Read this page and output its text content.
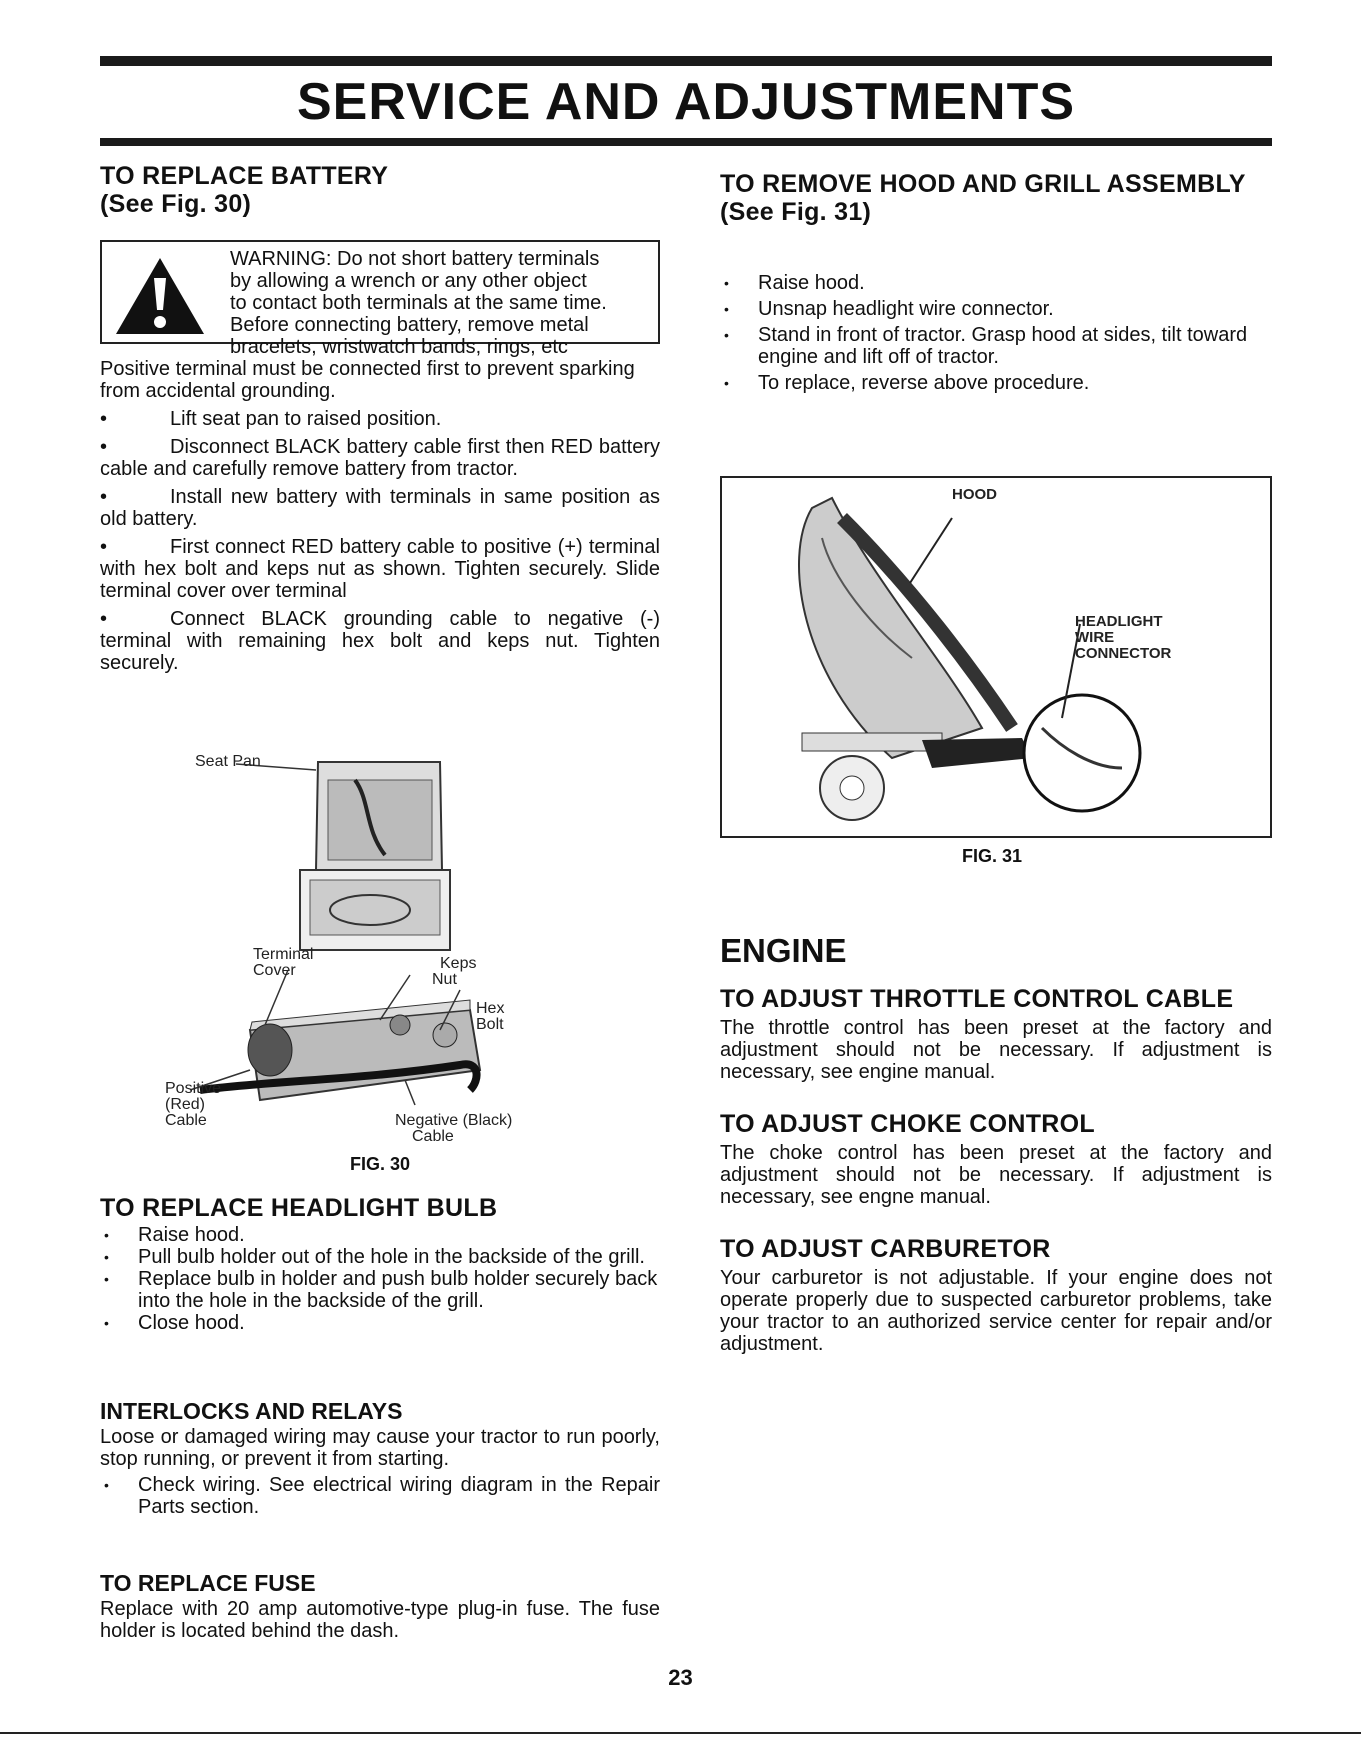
SERVICE AND ADJUSTMENTS
TO REPLACE BATTERY
(See Fig. 30)
WARNING: Do not short battery terminals
by allowing a wrench or any other object
to contact both terminals at the same time.
Before connecting battery, remove metal
bracelets, wristwatch bands, rings, etc

Positive terminal must be connected first to prevent sparking from accidental grounding.

•	Lift seat pan to raised position.

•	Disconnect BLACK battery cable first then RED battery cable and carefully remove battery from tractor.

•	Install new battery with terminals in same position as old battery.

•	First connect RED battery cable to positive (+) terminal with hex bolt and keps nut as shown. Tighten securely. Slide terminal cover over terminal

•	Connect BLACK grounding cable to negative (-) terminal with remaining hex bolt and keps nut. Tighten securely.

Seat Pan
Terminal
Cover	Keps
Nut
Hex
Bolt
Positive
(Red)
Cable	Negative (Black)
Cable
FIG. 30
TO REPLACE HEADLIGHT BULB
• Raise hood.
• Pull bulb holder out of the hole in the backside of the grill.
• Replace bulb in holder and push bulb holder securely back into the hole in the backside of the grill.
• Close hood.
INTERLOCKS AND RELAYS

Loose or damaged wiring may cause your tractor to run poorly, stop running, or prevent it from starting.

• Check wiring. See electrical wiring diagram in the Repair Parts section.
TO REPLACE FUSE

Replace with 20 amp automotive-type plug-in fuse. The fuse holder is located behind the dash.

TO REMOVE HOOD AND GRILL ASSEMBLY
(See Fig. 31)
• Raise hood.
• Unsnap headlight wire connector.
• Stand in front of tractor. Grasp hood at sides, tilt toward engine and lift off of tractor.
• To replace, reverse above procedure.
HOOD
HEADLIGHT
WIRE
CONNECTOR
FIG. 31
ENGINE
TO ADJUST THROTTLE CONTROL CABLE

The throttle control has been preset at the factory and adjustment should not be necessary. If adjustment is necessary, see engine manual.

TO ADJUST CHOKE CONTROL

The choke control has been preset at the factory and adjustment should not be necessary. If adjustment is necessary, see engne manual.

TO ADJUST CARBURETOR

Your carburetor is not adjustable. If your engine does not operate properly due to suspected carburetor problems, take your tractor to an authorized service center for repair and/or adjustment.

23
